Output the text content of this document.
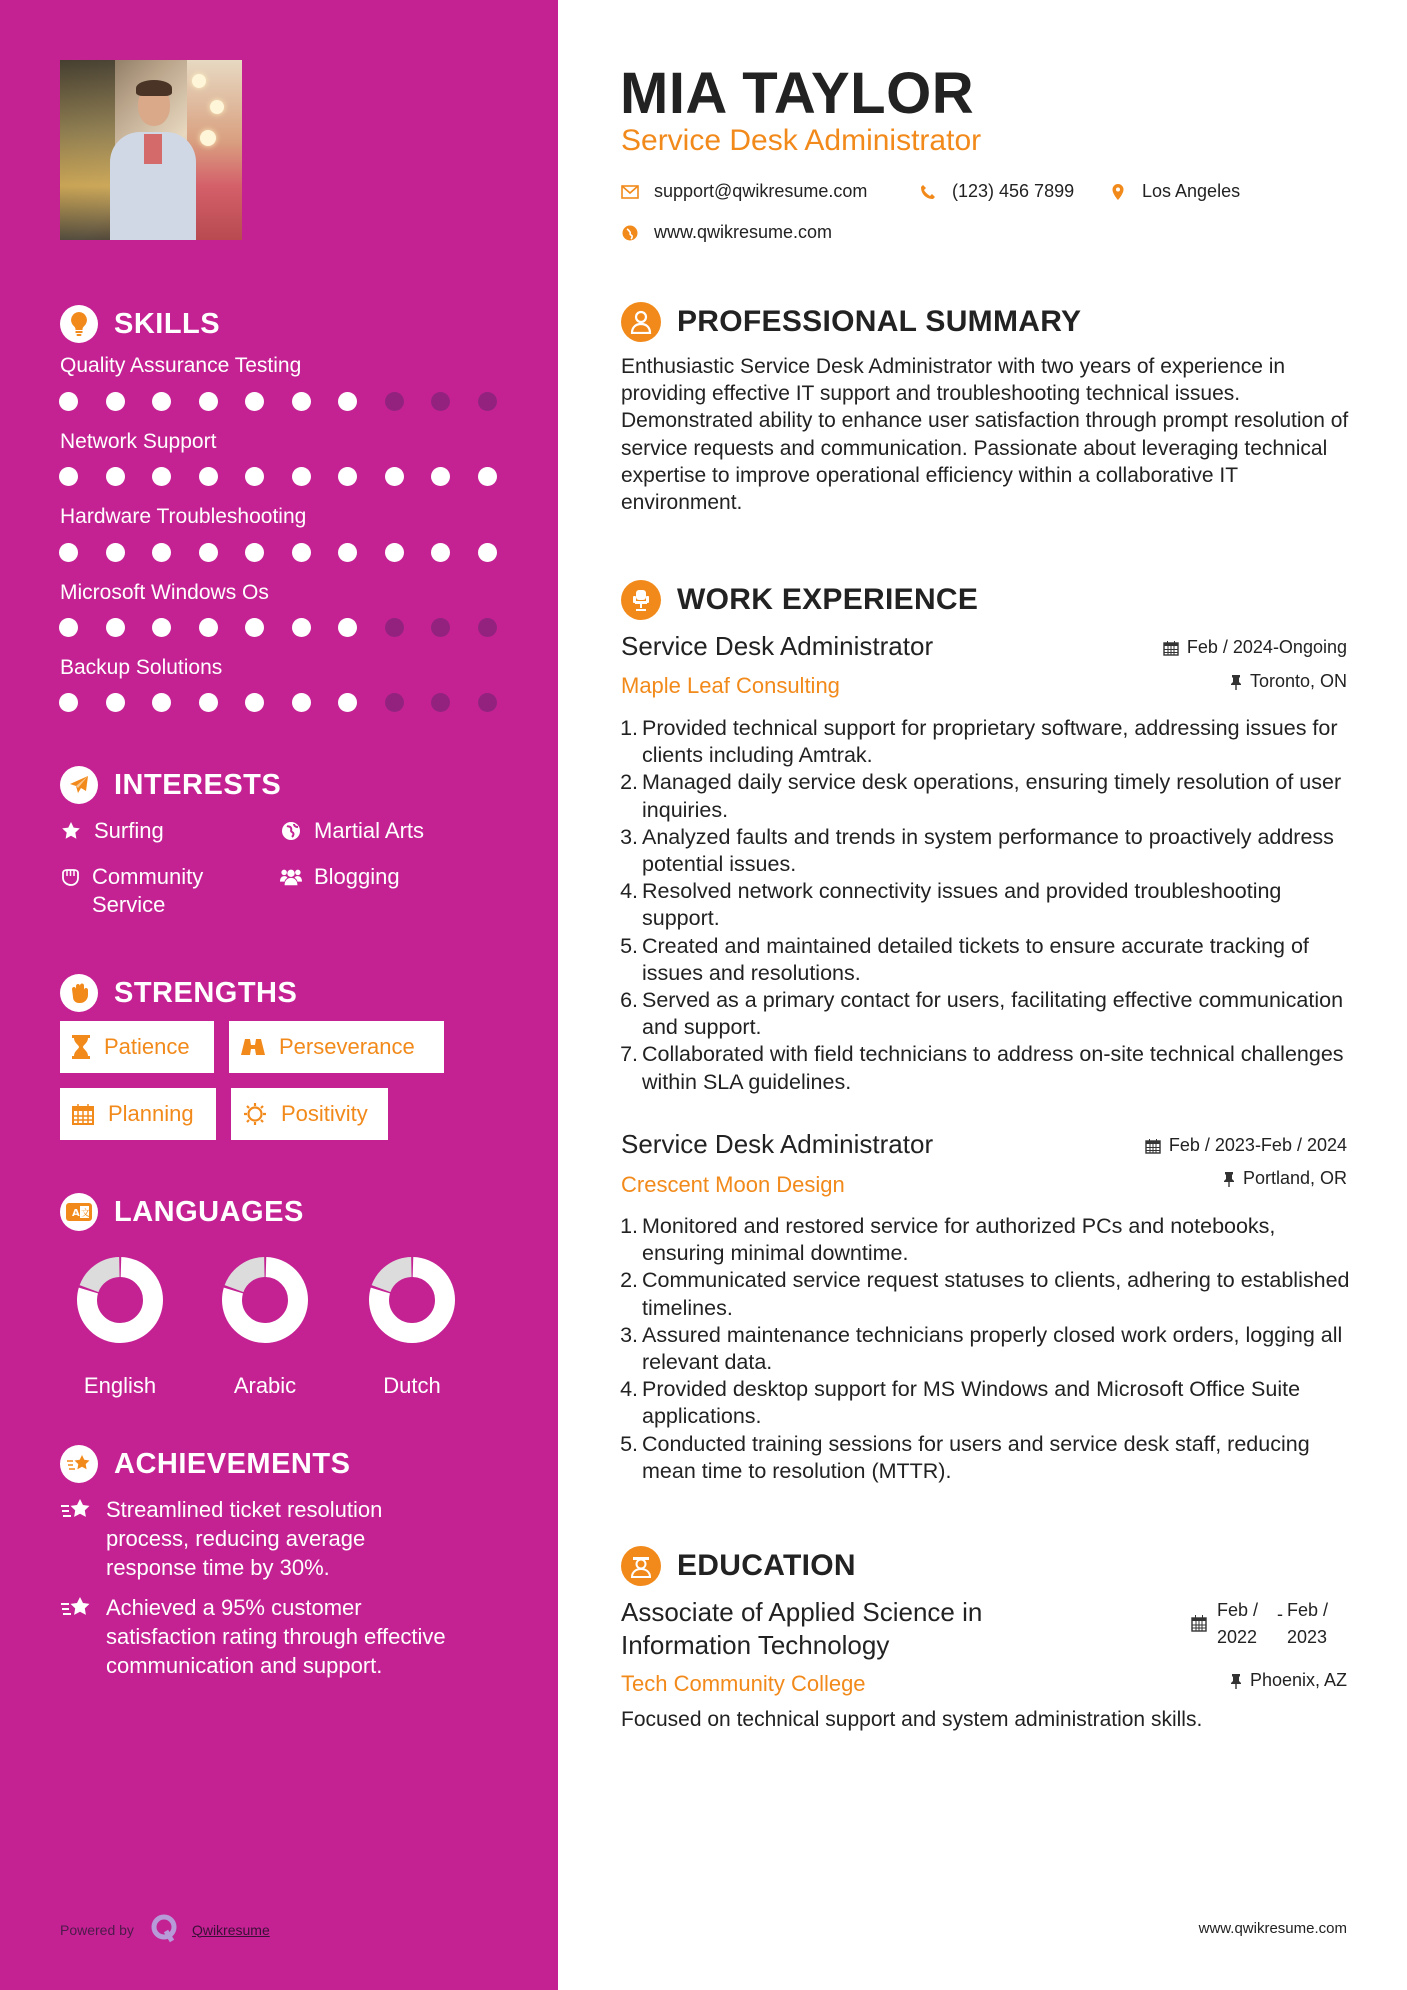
SKILLS
Quality Assurance Testing
Network Support
Hardware Troubleshooting
Microsoft Windows Os
Backup Solutions
INTERESTS
Surfing	Martial Arts
Community Service
Blogging
STRENGTHS
Patience	Perseverance
Planning	Positivity
A 文 LANGUAGES
English	Arabic	Dutch
ACHIEVEMENTS
Streamlined ticket resolution process, reducing average response time by 30%.
Achieved a 95% customer satisfaction rating through effective communication and support.
Powered by	Qwikresume
MIA TAYLOR
Service Desk Administrator
support@qwikresume.com	(123) 456 7899	Los Angeles
www.qwikresume.com
PROFESSIONAL SUMMARY
Enthusiastic Service Desk Administrator with two years of experience in providing effective IT support and troubleshooting technical issues. Demonstrated ability to enhance user satisfaction through prompt resolution of service requests and communication. Passionate about leveraging technical expertise to improve operational efficiency within a collaborative IT environment.
WORK EXPERIENCE
Service Desk Administrator
Maple Leaf Consulting
Feb / 2024-Ongoing
Toronto, ON
1. Provided technical support for proprietary software, addressing issues for clients including Amtrak.
2. Managed daily service desk operations, ensuring timely resolution of user inquiries.
3. Analyzed faults and trends in system performance to proactively address potential issues.
4. Resolved network connectivity issues and provided troubleshooting support.
5. Created and maintained detailed tickets to ensure accurate tracking of issues and resolutions.
6. Served as a primary contact for users, facilitating effective communication and support.
7. Collaborated with field technicians to address on-site technical challenges within SLA guidelines.
Service Desk Administrator
Crescent Moon Design
Feb / 2023-Feb / 2024
Portland, OR
1. Monitored and restored service for authorized PCs and notebooks, ensuring minimal downtime.
2. Communicated service request statuses to clients, adhering to established timelines.
3. Assured maintenance technicians properly closed work orders, logging all relevant data.
4. Provided desktop support for MS Windows and Microsoft Office Suite applications.
5. Conducted training sessions for users and service desk staff, reducing mean time to resolution (MTTR).
EDUCATION
Associate of Applied Science in
Information Technology
Tech Community College
Feb /
2022
- Feb /
2023
Phoenix, AZ
Focused on technical support and system administration skills.
www.qwikresume.com
